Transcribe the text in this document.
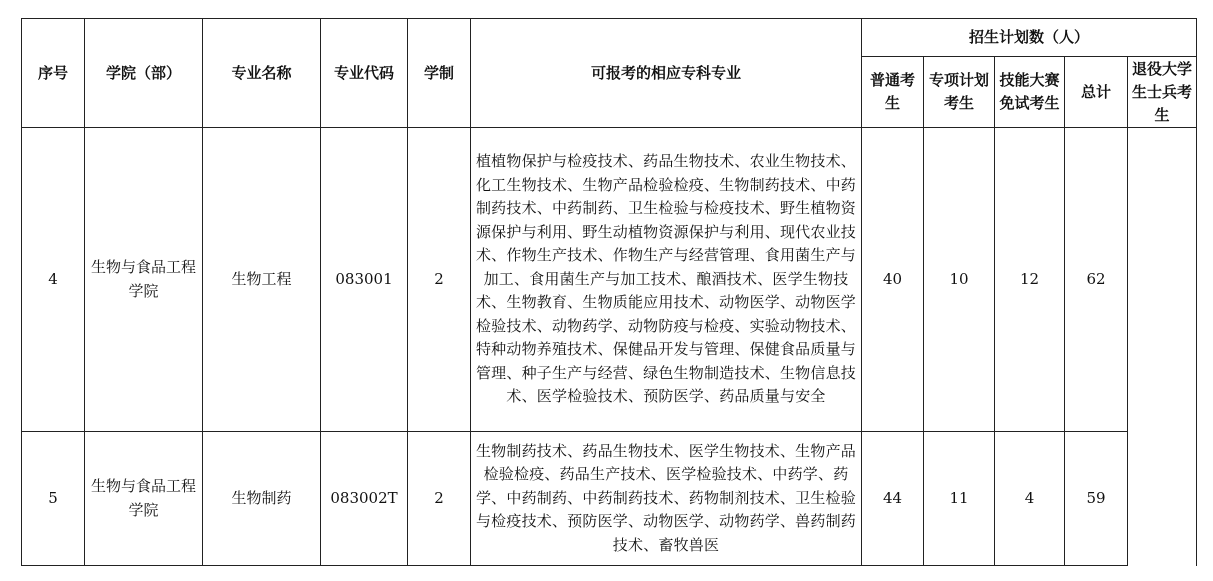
序号	学院（部）	专业名称	专业代码	学制	可报考的相应专科专业	招生计划数（人）				
						普通考生	专项计划考生	技能大赛免试考生	总计	退役大学生士兵考生
4	生物与食品工程学院	生物工程	083001	2	植植物保护与检疫技术、药品生物技术、农业生物技术、化工生物技术、生物产品检验检疫、生物制药技术、中药制药技术、中药制药、卫生检验与检疫技术、野生植物资源保护与利用、野生动植物资源保护与利用、现代农业技术、作物生产技术、作物生产与经营管理、食用菌生产与加工、食用菌生产与加工技术、酿酒技术、医学生物技术、生物教育、生物质能应用技术、动物医学、动物医学检验技术、动物药学、动物防疫与检疫、实验动物技术、特种动物养殖技术、保健品开发与管理、保健食品质量与管理、种子生产与经营、绿色生物制造技术、生物信息技术、医学检验技术、预防医学、药品质量与安全	40	10	12	62	
5	生物与食品工程学院	生物制药	083002T	2	生物制药技术、药品生物技术、医学生物技术、生物产品检验检疫、药品生产技术、医学检验技术、中药学、药学、中药制药、中药制药技术、药物制剂技术、卫生检验与检疫技术、预防医学、动物医学、动物药学、兽药制药技术、畜牧兽医	44	11	4	59	
